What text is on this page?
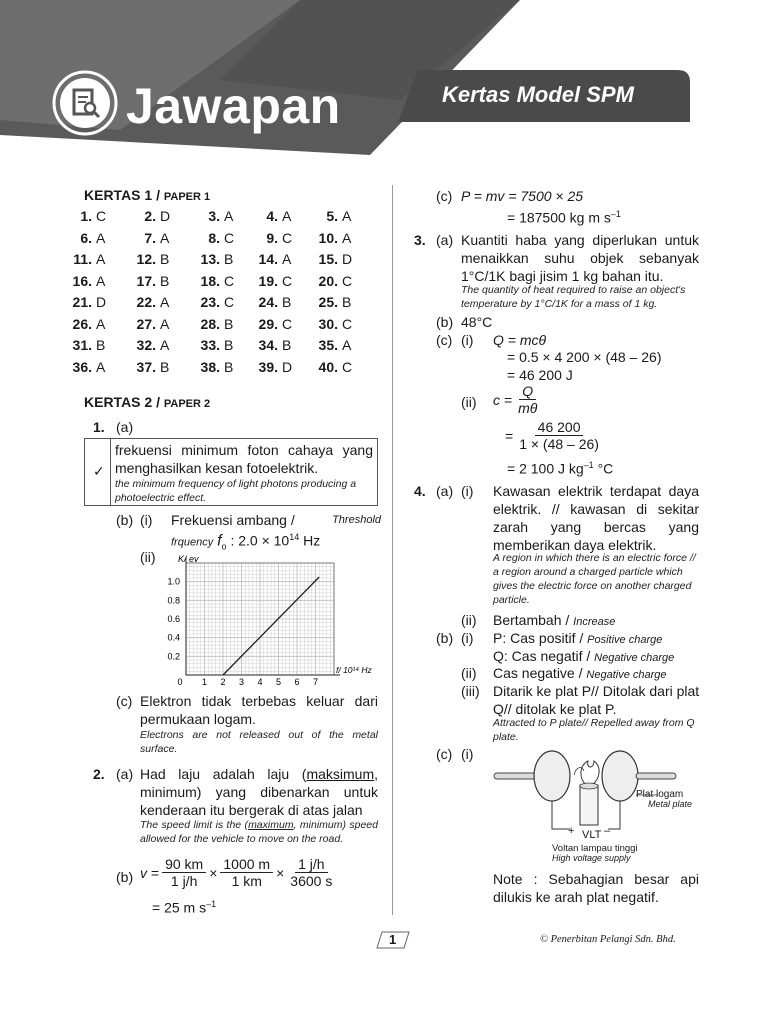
Jawapan	Kertas Model SPM
KERTAS 1 / PAPER 1
1. C	2. D	3. A	4. A	5. A
6. A	7. A	8. C	9. C 10. A
11. A 12. B 13. B 14. A 15. D
16. A 17. B 18. C 19. C 20. C
21. D 22. A 23. C 24. B 25. B
26. A 27. A 28. B 29. C 30. C
31. B 32. A 33. B 34. B 35. A
36. A 37. B 38. B 39. D 40. C
KERTAS 2 / PAPER 2
1. (a)
✓
frekuensi minimum foton cahaya yang menghasilkan kesan fotoelektrik.
the minimum frequency of light photons producing a photoelectric effect.
(b) (i) Frekuensi ambang /	Threshold
frquency $f_o$ : $2.0 \times 10^{14}$ Hz
(ii)
0 1 2 3 4 5 6 7
0.2
0.4
0.6
0.8
1.0
K/ ev
f/ 10¹⁴ Hz
(c) Elektron tidak terbebas keluar dari permukaan logam.
Electrons are not released out of the metal surface.
2. (a) Had laju adalah laju (maksimum, minimum) yang dibenarkan untuk kenderaan itu bergerak di atas jalan
The speed limit is the (maximum, minimum) speed allowed for the vehicle to move on the road.
(b) v
= $\frac{90 km}{1 j/h} \times \frac{1000 m}{1 km} \times \frac{1 j/h}{3600 s}$
= 25 m $s^{-1}$
(c) P = mv = 7500 × 25
= 187500 kg m $s^{-1}$
3. (a) Kuantiti haba yang diperlukan untuk menaikkan suhu objek sebanyak 1°C/1K bagi jisim 1 kg bahan itu.
The quantity of heat required to raise an object's temperature by 1°C/1K for a mass of 1 kg.
(b) 48°C
(c) (i) Q = mcθ
= 0.5 × 4 200 × (48 – 26)
= 46 200 J
(ii) $c = \frac{Q}{m\theta}$
= $\frac{46 200}{1 \times (48 - 26)}$
= 2 100 J $kg^{-1}$ °C
4. (a) (i) Kawasan elektrik terdapat daya elektrik. // kawasan di sekitar zarah yang bercas yang memberikan daya elektrik.
A region in which there is an electric force // a region around a charged particle which gives the electric force on another charged particle.
(ii) Bertambah / Increase
(b) (i) P: Cas positif / Positive charge
Q: Cas negatif / Negative charge
(ii) Cas negative / Negative charge
(iii) Ditarik ke plat P// Ditolak dari plat Q// ditolak ke plat P.
Attracted to P plate// Repelled away from Q plate.
(c) (i)
Plat logam
Metal plate
+ VLT –
Voltan lampau tinggi
High voltage supply
Note : Sebahagian besar api dilukis ke arah plat negatif.
1	© Penerbitan Pelangi Sdn. Bhd.
